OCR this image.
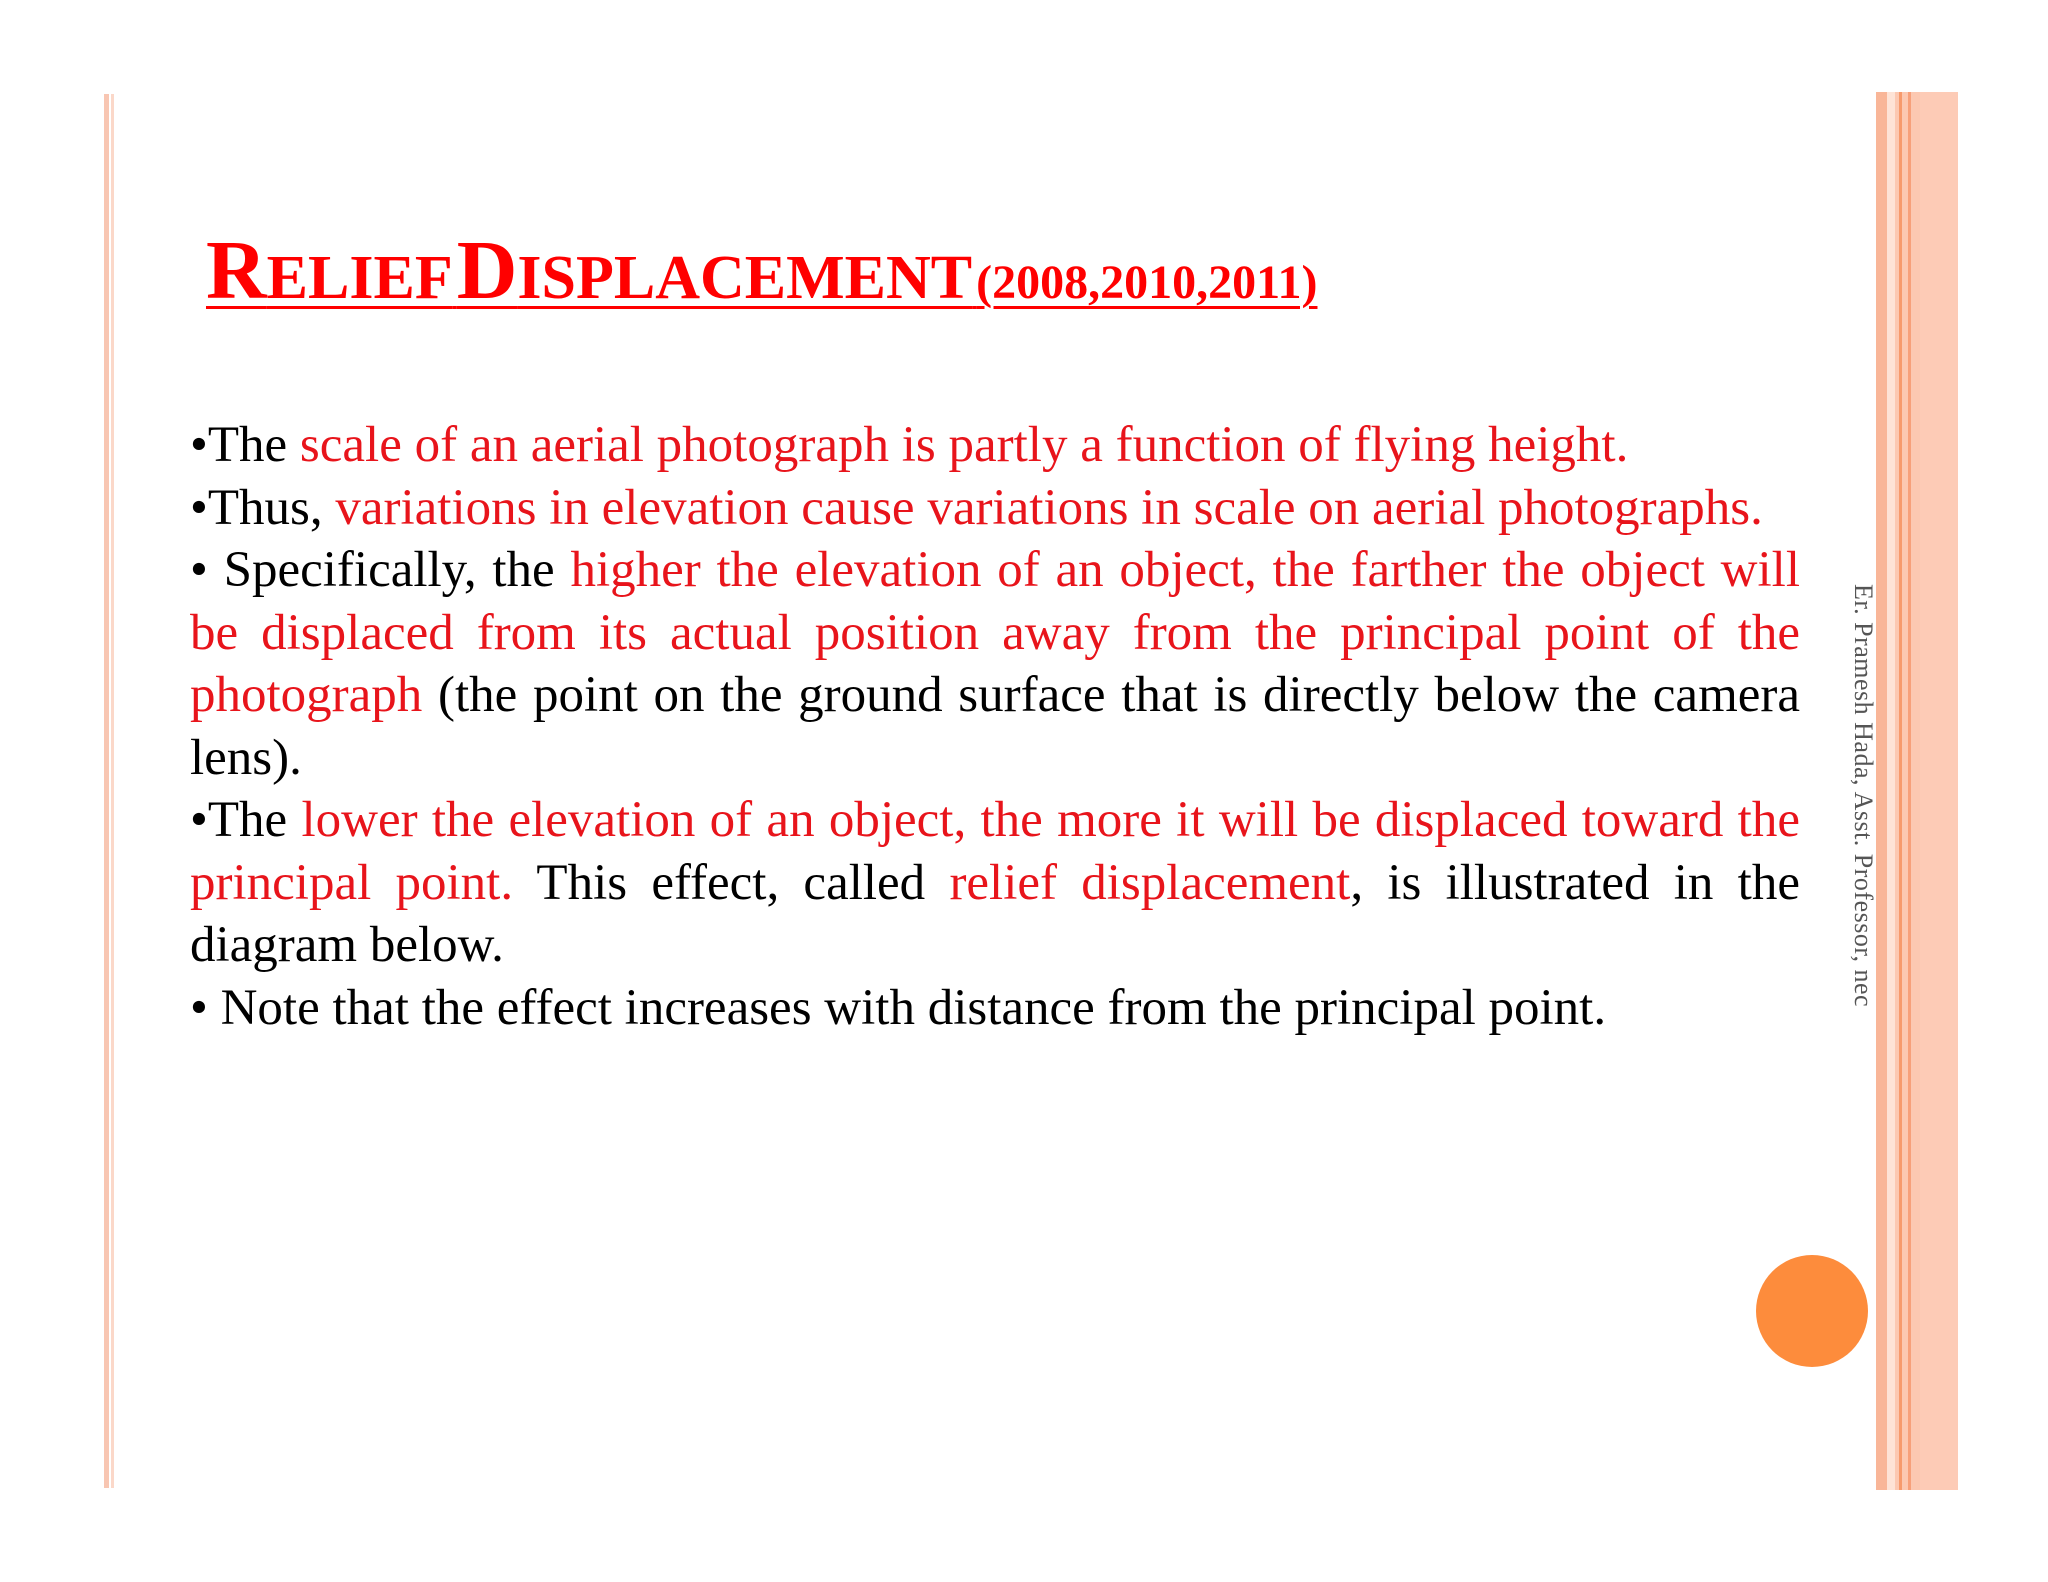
RELIEF DISPLACEMENT (2008,2010,2011)

•The scale of an aerial photograph is partly a function of flying height.

•Thus, variations in elevation cause variations in scale on aerial photographs.

• Specifically, the higher the elevation of an object, the farther the object will be displaced from its actual position away from the principal point of the photograph (the point on the ground surface that is directly below the camera lens).

•The lower the elevation of an object, the more it will be displaced toward the principal point. This effect, called relief displacement, is illustrated in the diagram below.

• Note that the effect increases with distance from the principal point.

Er. Pramesh Hada, Asst. Professor, nec
